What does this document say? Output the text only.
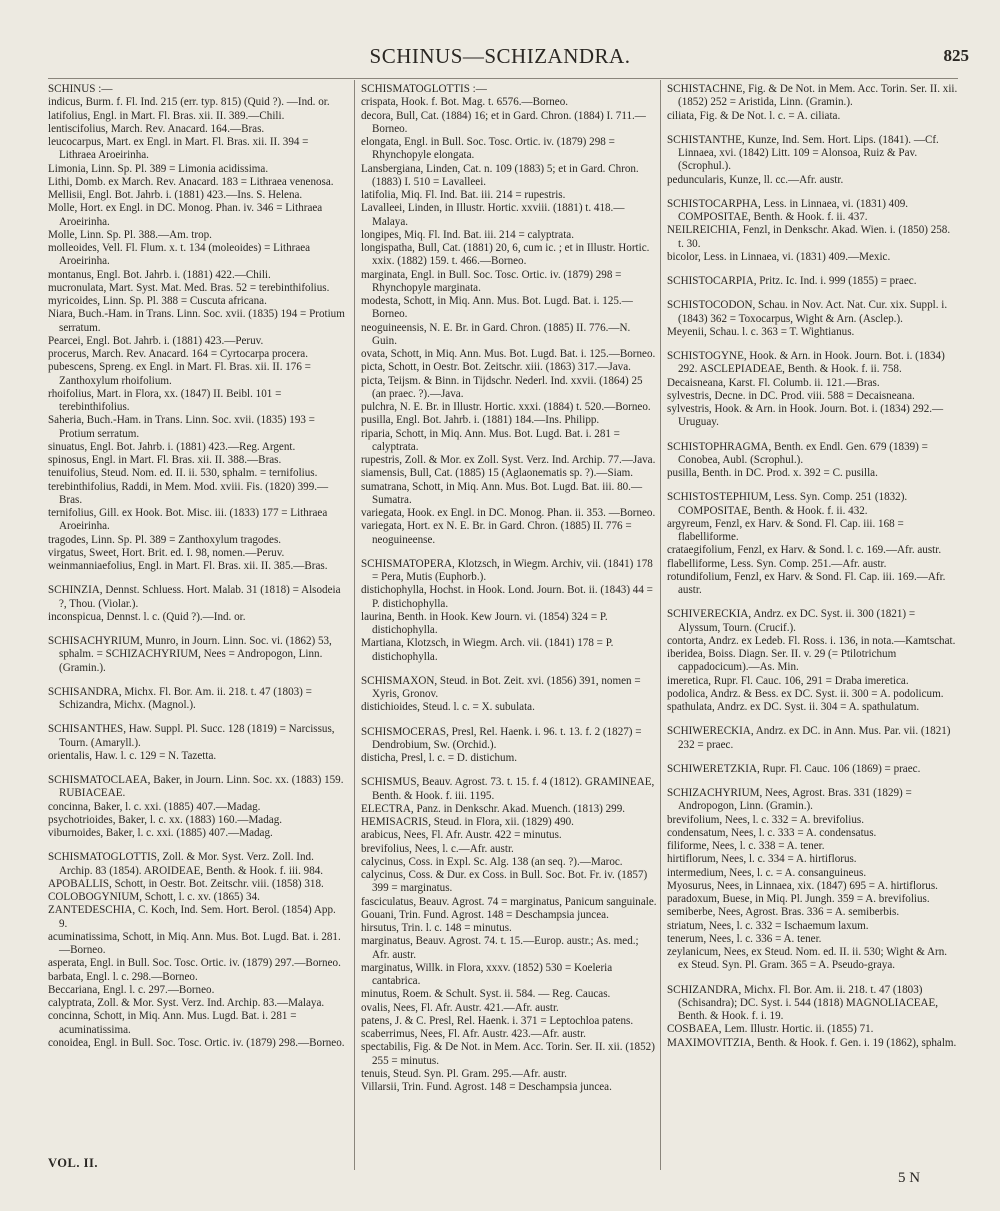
SCHINUS—SCHIZANDRA.	825
SCHINUS :—
indicus, Burm. f. Fl. Ind. 215 (err. typ. 815) (Quid ?). —Ind. or.
latifolius, Engl. in Mart. Fl. Bras. xii. II. 389.—Chili.
lentiscifolius, March. Rev. Anacard. 164.—Bras.
leucocarpus, Mart. ex Engl. in Mart. Fl. Bras. xii. II. 394 = Lithraea Aroeirinha.
Limonia, Linn. Sp. Pl. 389 = Limonia acidissima.
Lithi, Domb. ex March. Rev. Anacard. 183 = Lithraea venenosa.
Mellisii, Engl. Bot. Jahrb. i. (1881) 423.—Ins. S. Helena.
Molle, Hort. ex Engl. in DC. Monog. Phan. iv. 346 = Lithraea Aroeirinha.
Molle, Linn. Sp. Pl. 388.—Am. trop.
molleoides, Vell. Fl. Flum. x. t. 134 (moleoides) = Lithraea Aroeirinha.
montanus, Engl. Bot. Jahrb. i. (1881) 422.—Chili.
mucronulata, Mart. Syst. Mat. Med. Bras. 52 = terebinthifolius.
myricoides, Linn. Sp. Pl. 388 = Cuscuta africana.
Niara, Buch.-Ham. in Trans. Linn. Soc. xvii. (1835) 194 = Protium serratum.
Pearcei, Engl. Bot. Jahrb. i. (1881) 423.—Peruv.
procerus, March. Rev. Anacard. 164 = Cyrtocarpa procera.
pubescens, Spreng. ex Engl. in Mart. Fl. Bras. xii. II. 176 = Zanthoxylum rhoifolium.
rhoifolius, Mart. in Flora, xx. (1847) II. Beibl. 101 = terebinthifolius.
Saheria, Buch.-Ham. in Trans. Linn. Soc. xvii. (1835) 193 = Protium serratum.
sinuatus, Engl. Bot. Jahrb. i. (1881) 423.—Reg. Argent.
spinosus, Engl. in Mart. Fl. Bras. xii. II. 388.—Bras.
tenuifolius, Steud. Nom. ed. II. ii. 530, sphalm. = ternifolius.
terebinthifolius, Raddi, in Mem. Mod. xviii. Fis. (1820) 399.—Bras.
ternifolius, Gill. ex Hook. Bot. Misc. iii. (1833) 177 = Lithraea Aroeirinha.
tragodes, Linn. Sp. Pl. 389 = Zanthoxylum tragodes.
virgatus, Sweet, Hort. Brit. ed. I. 98, nomen.—Peruv.
weinmanniaefolius, Engl. in Mart. Fl. Bras. xii. II. 385.—Bras.
SCHINZIA, Dennst. Schluess. Hort. Malab. 31 (1818) = Alsodeia ?, Thou. (Violar.).
inconspicua, Dennst. l. c. (Quid ?).—Ind. or.
SCHISACHYRIUM, Munro, in Journ. Linn. Soc. vi. (1862) 53, sphalm. = SCHIZACHYRIUM, Nees = Andropogon, Linn. (Gramin.).
SCHISANDRA, Michx. Fl. Bor. Am. ii. 218. t. 47 (1803) = Schizandra, Michx. (Magnol.).
SCHISANTHES, Haw. Suppl. Pl. Succ. 128 (1819) = Narcissus, Tourn. (Amaryll.).
orientalis, Haw. l. c. 129 = N. Tazetta.
SCHISMATOCLAEA, Baker, in Journ. Linn. Soc. xx. (1883) 159. RUBIACEAE.
concinna, Baker, l. c. xxi. (1885) 407.—Madag.
psychotrioides, Baker, l. c. xx. (1883) 160.—Madag.
viburnoides, Baker, l. c. xxi. (1885) 407.—Madag.
SCHISMATOGLOTTIS, Zoll. & Mor. Syst. Verz. Zoll. Ind. Archip. 83 (1854). AROIDEAE, Benth. & Hook. f. iii. 984.
APOBALLIS, Schott, in Oestr. Bot. Zeitschr. viii. (1858) 318.
COLOBOGYNIUM, Schott, l. c. xv. (1865) 34.
ZANTEDESCHIA, C. Koch, Ind. Sem. Hort. Berol. (1854) App. 9.
acuminatissima, Schott, in Miq. Ann. Mus. Bot. Lugd. Bat. i. 281.—Borneo.
asperata, Engl. in Bull. Soc. Tosc. Ortic. iv. (1879) 297.—Borneo.
barbata, Engl. l. c. 298.—Borneo.
Beccariana, Engl. l. c. 297.—Borneo.
calyptrata, Zoll. & Mor. Syst. Verz. Ind. Archip. 83.—Malaya.
concinna, Schott, in Miq. Ann. Mus. Lugd. Bat. i. 281 = acuminatissima.
conoidea, Engl. in Bull. Soc. Tosc. Ortic. iv. (1879) 298.—Borneo.
SCHISMATOGLOTTIS :—
crispata, Hook. f. Bot. Mag. t. 6576.—Borneo.
decora, Bull, Cat. (1884) 16; et in Gard. Chron. (1884) I. 711.—Borneo.
elongata, Engl. in Bull. Soc. Tosc. Ortic. iv. (1879) 298 = Rhynchopyle elongata.
Lansbergiana, Linden, Cat. n. 109 (1883) 5; et in Gard. Chron. (1883) I. 510 = Lavalleei.
latifolia, Miq. Fl. Ind. Bat. iii. 214 = rupestris.
Lavalleei, Linden, in Illustr. Hortic. xxviii. (1881) t. 418.—Malaya.
longipes, Miq. Fl. Ind. Bat. iii. 214 = calyptrata.
longispatha, Bull, Cat. (1881) 20, 6, cum ic. ; et in Illustr. Hortic. xxix. (1882) 159. t. 466.—Borneo.
marginata, Engl. in Bull. Soc. Tosc. Ortic. iv. (1879) 298 = Rhynchopyle marginata.
modesta, Schott, in Miq. Ann. Mus. Bot. Lugd. Bat. i. 125.—Borneo.
neoguineensis, N. E. Br. in Gard. Chron. (1885) II. 776.—N. Guin.
ovata, Schott, in Miq. Ann. Mus. Bot. Lugd. Bat. i. 125.—Borneo.
picta, Schott, in Oestr. Bot. Zeitschr. xiii. (1863) 317.—Java.
picta, Teijsm. & Binn. in Tijdschr. Nederl. Ind. xxvii. (1864) 25 (an praec. ?).—Java.
pulchra, N. E. Br. in Illustr. Hortic. xxxi. (1884) t. 520.—Borneo.
pusilla, Engl. Bot. Jahrb. i. (1881) 184.—Ins. Philipp.
riparia, Schott, in Miq. Ann. Mus. Bot. Lugd. Bat. i. 281 = calyptrata.
rupestris, Zoll. & Mor. ex Zoll. Syst. Verz. Ind. Archip. 77.—Java.
siamensis, Bull, Cat. (1885) 15 (Aglaonematis sp. ?).—Siam.
sumatrana, Schott, in Miq. Ann. Mus. Bot. Lugd. Bat. iii. 80.—Sumatra.
variegata, Hook. ex Engl. in DC. Monog. Phan. ii. 353. —Borneo.
variegata, Hort. ex N. E. Br. in Gard. Chron. (1885) II. 776 = neoguineense.
SCHISMATOPERA, Klotzsch, in Wiegm. Archiv, vii. (1841) 178 = Pera, Mutis (Euphorb.).
distichophylla, Hochst. in Hook. Lond. Journ. Bot. ii. (1843) 44 = P. distichophylla.
laurina, Benth. in Hook. Kew Journ. vi. (1854) 324 = P. distichophylla.
Martiana, Klotzsch, in Wiegm. Arch. vii. (1841) 178 = P. distichophylla.
SCHISMAXON, Steud. in Bot. Zeit. xvi. (1856) 391, nomen = Xyris, Gronov.
distichioides, Steud. l. c. = X. subulata.
SCHISMOCERAS, Presl, Rel. Haenk. i. 96. t. 13. f. 2 (1827) = Dendrobium, Sw. (Orchid.).
disticha, Presl, l. c. = D. distichum.
SCHISMUS, Beauv. Agrost. 73. t. 15. f. 4 (1812). GRAMINEAE, Benth. & Hook. f. iii. 1195.
ELECTRA, Panz. in Denkschr. Akad. Muench. (1813) 299.
HEMISACRIS, Steud. in Flora, xii. (1829) 490.
arabicus, Nees, Fl. Afr. Austr. 422 = minutus.
brevifolius, Nees, l. c.—Afr. austr.
calycinus, Coss. in Expl. Sc. Alg. 138 (an seq. ?).—Maroc.
calycinus, Coss. & Dur. ex Coss. in Bull. Soc. Bot. Fr. iv. (1857) 399 = marginatus.
fasciculatus, Beauv. Agrost. 74 = marginatus, Panicum sanguinale.
Gouani, Trin. Fund. Agrost. 148 = Deschampsia juncea.
hirsutus, Trin. l. c. 148 = minutus.
marginatus, Beauv. Agrost. 74. t. 15.—Europ. austr.; As. med.; Afr. austr.
marginatus, Willk. in Flora, xxxv. (1852) 530 = Koeleria cantabrica.
minutus, Roem. & Schult. Syst. ii. 584. — Reg. Caucas.
ovalis, Nees, Fl. Afr. Austr. 421.—Afr. austr.
patens, J. & C. Presl, Rel. Haenk. i. 371 = Leptochloa patens.
scaberrimus, Nees, Fl. Afr. Austr. 423.—Afr. austr.
spectabilis, Fig. & De Not. in Mem. Acc. Torin. Ser. II. xii. (1852) 255 = minutus.
tenuis, Steud. Syn. Pl. Gram. 295.—Afr. austr.
Villarsii, Trin. Fund. Agrost. 148 = Deschampsia juncea.
SCHISTACHNE, Fig. & De Not. in Mem. Acc. Torin. Ser. II. xii. (1852) 252 = Aristida, Linn. (Gramin.).
ciliata, Fig. & De Not. l. c. = A. ciliata.
SCHISTANTHE, Kunze, Ind. Sem. Hort. Lips. (1841). —Cf. Linnaea, xvi. (1842) Litt. 109 = Alonsoa, Ruiz & Pav. (Scrophul.).
peduncularis, Kunze, ll. cc.—Afr. austr.
SCHISTOCARPHA, Less. in Linnaea, vi. (1831) 409. COMPOSITAE, Benth. & Hook. f. ii. 437.
NEILREICHIA, Fenzl, in Denkschr. Akad. Wien. i. (1850) 258. t. 30.
bicolor, Less. in Linnaea, vi. (1831) 409.—Mexic.
SCHISTOCARPIA, Pritz. Ic. Ind. i. 999 (1855) = praec.
SCHISTOCODON, Schau. in Nov. Act. Nat. Cur. xix. Suppl. i. (1843) 362 = Toxocarpus, Wight & Arn. (Asclep.).
Meyenii, Schau. l. c. 363 = T. Wightianus.
SCHISTOGYNE, Hook. & Arn. in Hook. Journ. Bot. i. (1834) 292. ASCLEPIADEAE, Benth. & Hook. f. ii. 758.
Decaisneana, Karst. Fl. Columb. ii. 121.—Bras.
sylvestris, Decne. in DC. Prod. viii. 588 = Decaisneana.
sylvestris, Hook. & Arn. in Hook. Journ. Bot. i. (1834) 292.—Uruguay.
SCHISTOPHRAGMA, Benth. ex Endl. Gen. 679 (1839) = Conobea, Aubl. (Scrophul.).
pusilla, Benth. in DC. Prod. x. 392 = C. pusilla.
SCHISTOSTEPHIUM, Less. Syn. Comp. 251 (1832). COMPOSITAE, Benth. & Hook. f. ii. 432.
argyreum, Fenzl, ex Harv. & Sond. Fl. Cap. iii. 168 = flabelliforme.
crataegifolium, Fenzl, ex Harv. & Sond. l. c. 169.—Afr. austr.
flabelliforme, Less. Syn. Comp. 251.—Afr. austr.
rotundifolium, Fenzl, ex Harv. & Sond. Fl. Cap. iii. 169.—Afr. austr.
SCHIVERECKIA, Andrz. ex DC. Syst. ii. 300 (1821) = Alyssum, Tourn. (Crucif.).
contorta, Andrz. ex Ledeb. Fl. Ross. i. 136, in nota.—Kamtschat.
iberidea, Boiss. Diagn. Ser. II. v. 29 (= Ptilotrichum cappadocicum).—As. Min.
imeretica, Rupr. Fl. Cauc. 106, 291 = Draba imeretica.
podolica, Andrz. & Bess. ex DC. Syst. ii. 300 = A. podolicum.
spathulata, Andrz. ex DC. Syst. ii. 304 = A. spathulatum.
SCHIWERECKIA, Andrz. ex DC. in Ann. Mus. Par. vii. (1821) 232 = praec.
SCHIWERETZKIA, Rupr. Fl. Cauc. 106 (1869) = praec.
SCHIZACHYRIUM, Nees, Agrost. Bras. 331 (1829) = Andropogon, Linn. (Gramin.).
brevifolium, Nees, l. c. 332 = A. brevifolius.
condensatum, Nees, l. c. 333 = A. condensatus.
filiforme, Nees, l. c. 338 = A. tener.
hirtiflorum, Nees, l. c. 334 = A. hirtiflorus.
intermedium, Nees, l. c. = A. consanguineus.
Myosurus, Nees, in Linnaea, xix. (1847) 695 = A. hirtiflorus.
paradoxum, Buese, in Miq. Pl. Jungh. 359 = A. brevifolius.
semiberbe, Nees, Agrost. Bras. 336 = A. semiberbis.
striatum, Nees, l. c. 332 = Ischaemum laxum.
tenerum, Nees, l. c. 336 = A. tener.
zeylanicum, Nees, ex Steud. Nom. ed. II. ii. 530; Wight & Arn. ex Steud. Syn. Pl. Gram. 365 = A. Pseudo-graya.
SCHIZANDRA, Michx. Fl. Bor. Am. ii. 218. t. 47 (1803) (Schisandra); DC. Syst. i. 544 (1818) MAGNOLIACEAE, Benth. & Hook. f. i. 19.
COSBAEA, Lem. Illustr. Hortic. ii. (1855) 71.
MAXIMOVITZIA, Benth. & Hook. f. Gen. i. 19 (1862), sphalm.
VOL. II.
5 N
